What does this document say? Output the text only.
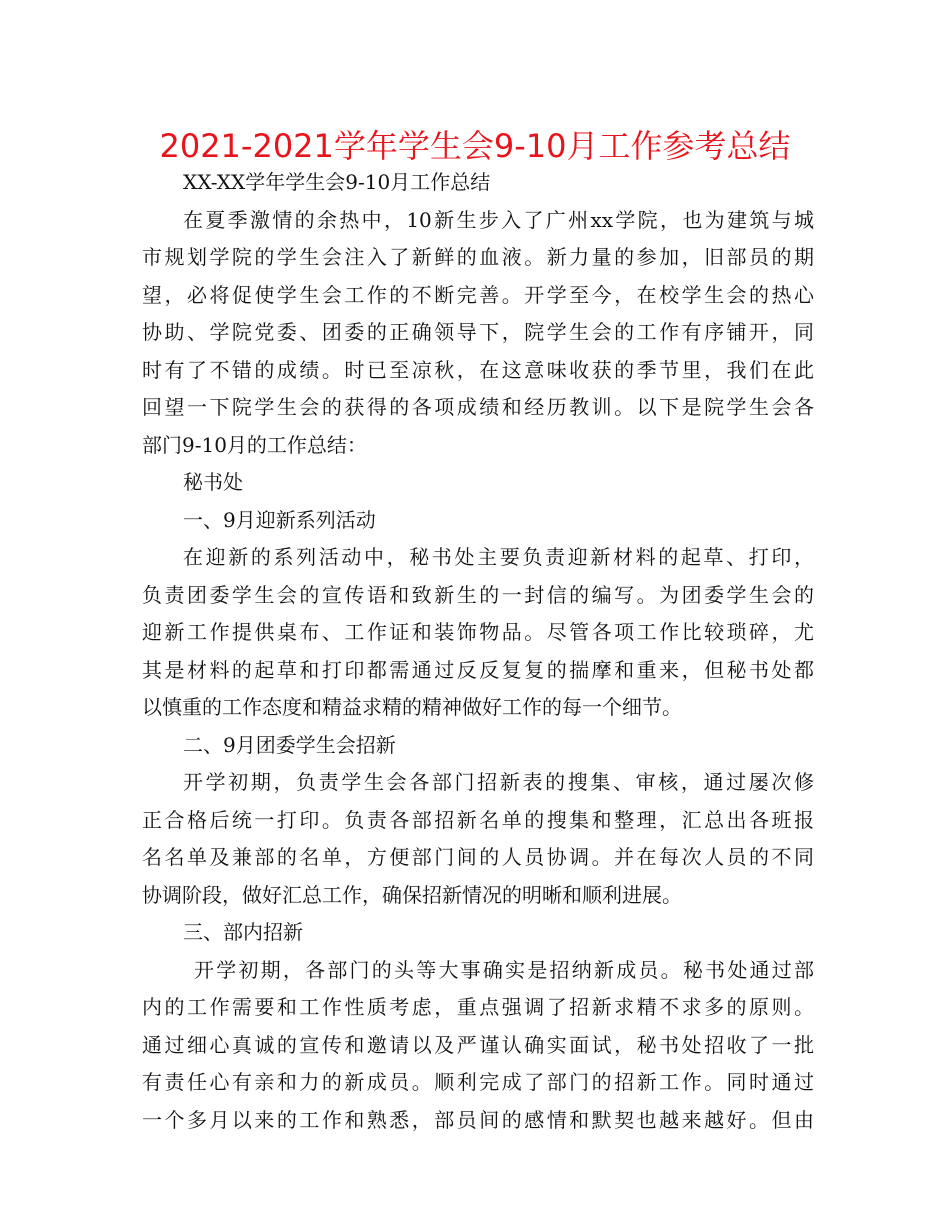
2021-2021学年学生会9-10月工作参考总结
XX-XX学年学生会9-10月工作总结
在夏季激情的余热中，10新生步入了广州xx学院，也为建筑与城
市规划学院的学生会注入了新鲜的血液。新力量的参加，旧部员的期
望，必将促使学生会工作的不断完善。开学至今，在校学生会的热心
协助、学院党委、团委的正确领导下，院学生会的工作有序铺开，同
时有了不错的成绩。时已至凉秋，在这意味收获的季节里，我们在此
回望一下院学生会的获得的各项成绩和经历教训。以下是院学生会各
部门9-10月的工作总结：
秘书处
一、9月迎新系列活动
在迎新的系列活动中，秘书处主要负责迎新材料的起草、打印，
负责团委学生会的宣传语和致新生的一封信的编写。为团委学生会的
迎新工作提供桌布、工作证和装饰物品。尽管各项工作比较琐碎，尤
其是材料的起草和打印都需通过反反复复的揣摩和重来，但秘书处都
以慎重的工作态度和精益求精的精神做好工作的每一个细节。
二、9月团委学生会招新
开学初期，负责学生会各部门招新表的搜集、审核，通过屡次修
正合格后统一打印。负责各部招新名单的搜集和整理，汇总出各班报
名名单及兼部的名单，方便部门间的人员协调。并在每次人员的不同
协调阶段，做好汇总工作，确保招新情况的明晰和顺利进展。
三、部内招新
开学初期，各部门的头等大事确实是招纳新成员。秘书处通过部
内的工作需要和工作性质考虑，重点强调了招新求精不求多的原则。
通过细心真诚的宣传和邀请以及严谨认确实面试，秘书处招收了一批
有责任心有亲和力的新成员。顺利完成了部门的招新工作。同时通过
一个多月以来的工作和熟悉，部员间的感情和默契也越来越好。但由
